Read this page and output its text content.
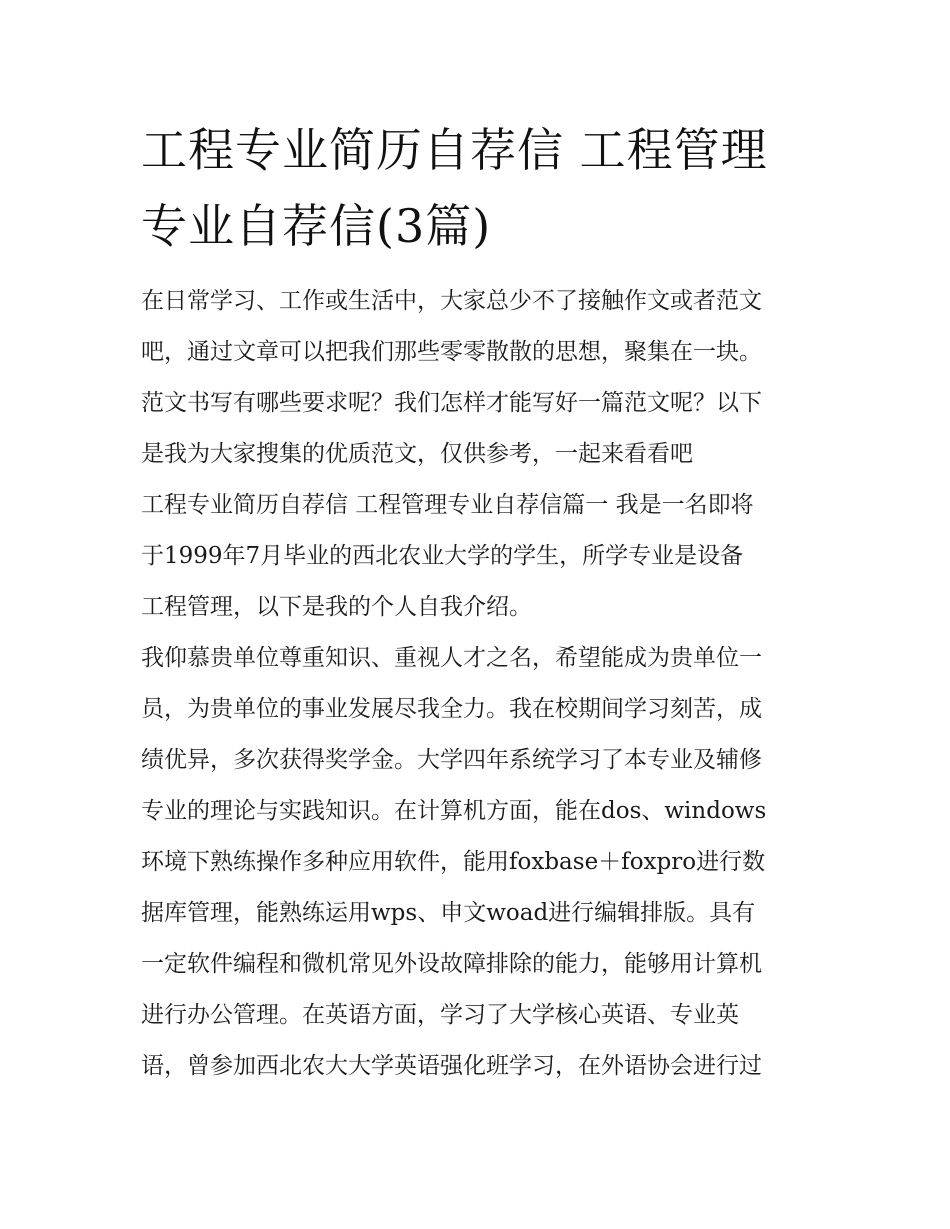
工程专业简历自荐信 工程管理
专业自荐信(3篇)
在日常学习、工作或生活中，大家总少不了接触作文或者范文
吧，通过文章可以把我们那些零零散散的思想，聚集在一块。
范文书写有哪些要求呢？我们怎样才能写好一篇范文呢？以下
是我为大家搜集的优质范文，仅供参考，一起来看看吧
工程专业简历自荐信 工程管理专业自荐信篇一 我是一名即将
于1999年7月毕业的西北农业大学的学生，所学专业是设备
工程管理，以下是我的个人自我介绍。
我仰慕贵单位尊重知识、重视人才之名，希望能成为贵单位一
员，为贵单位的事业发展尽我全力。我在校期间学习刻苦，成
绩优异，多次获得奖学金。大学四年系统学习了本专业及辅修
专业的理论与实践知识。在计算机方面，能在dos、windows
环境下熟练操作多种应用软件，能用foxbase＋foxpro进行数
据库管理，能熟练运用wps、申文woad进行编辑排版。具有
一定软件编程和微机常见外设故障排除的能力，能够用计算机
进行办公管理。在英语方面，学习了大学核心英语、专业英
语，曾参加西北农大大学英语强化班学习，在外语协会进行过
